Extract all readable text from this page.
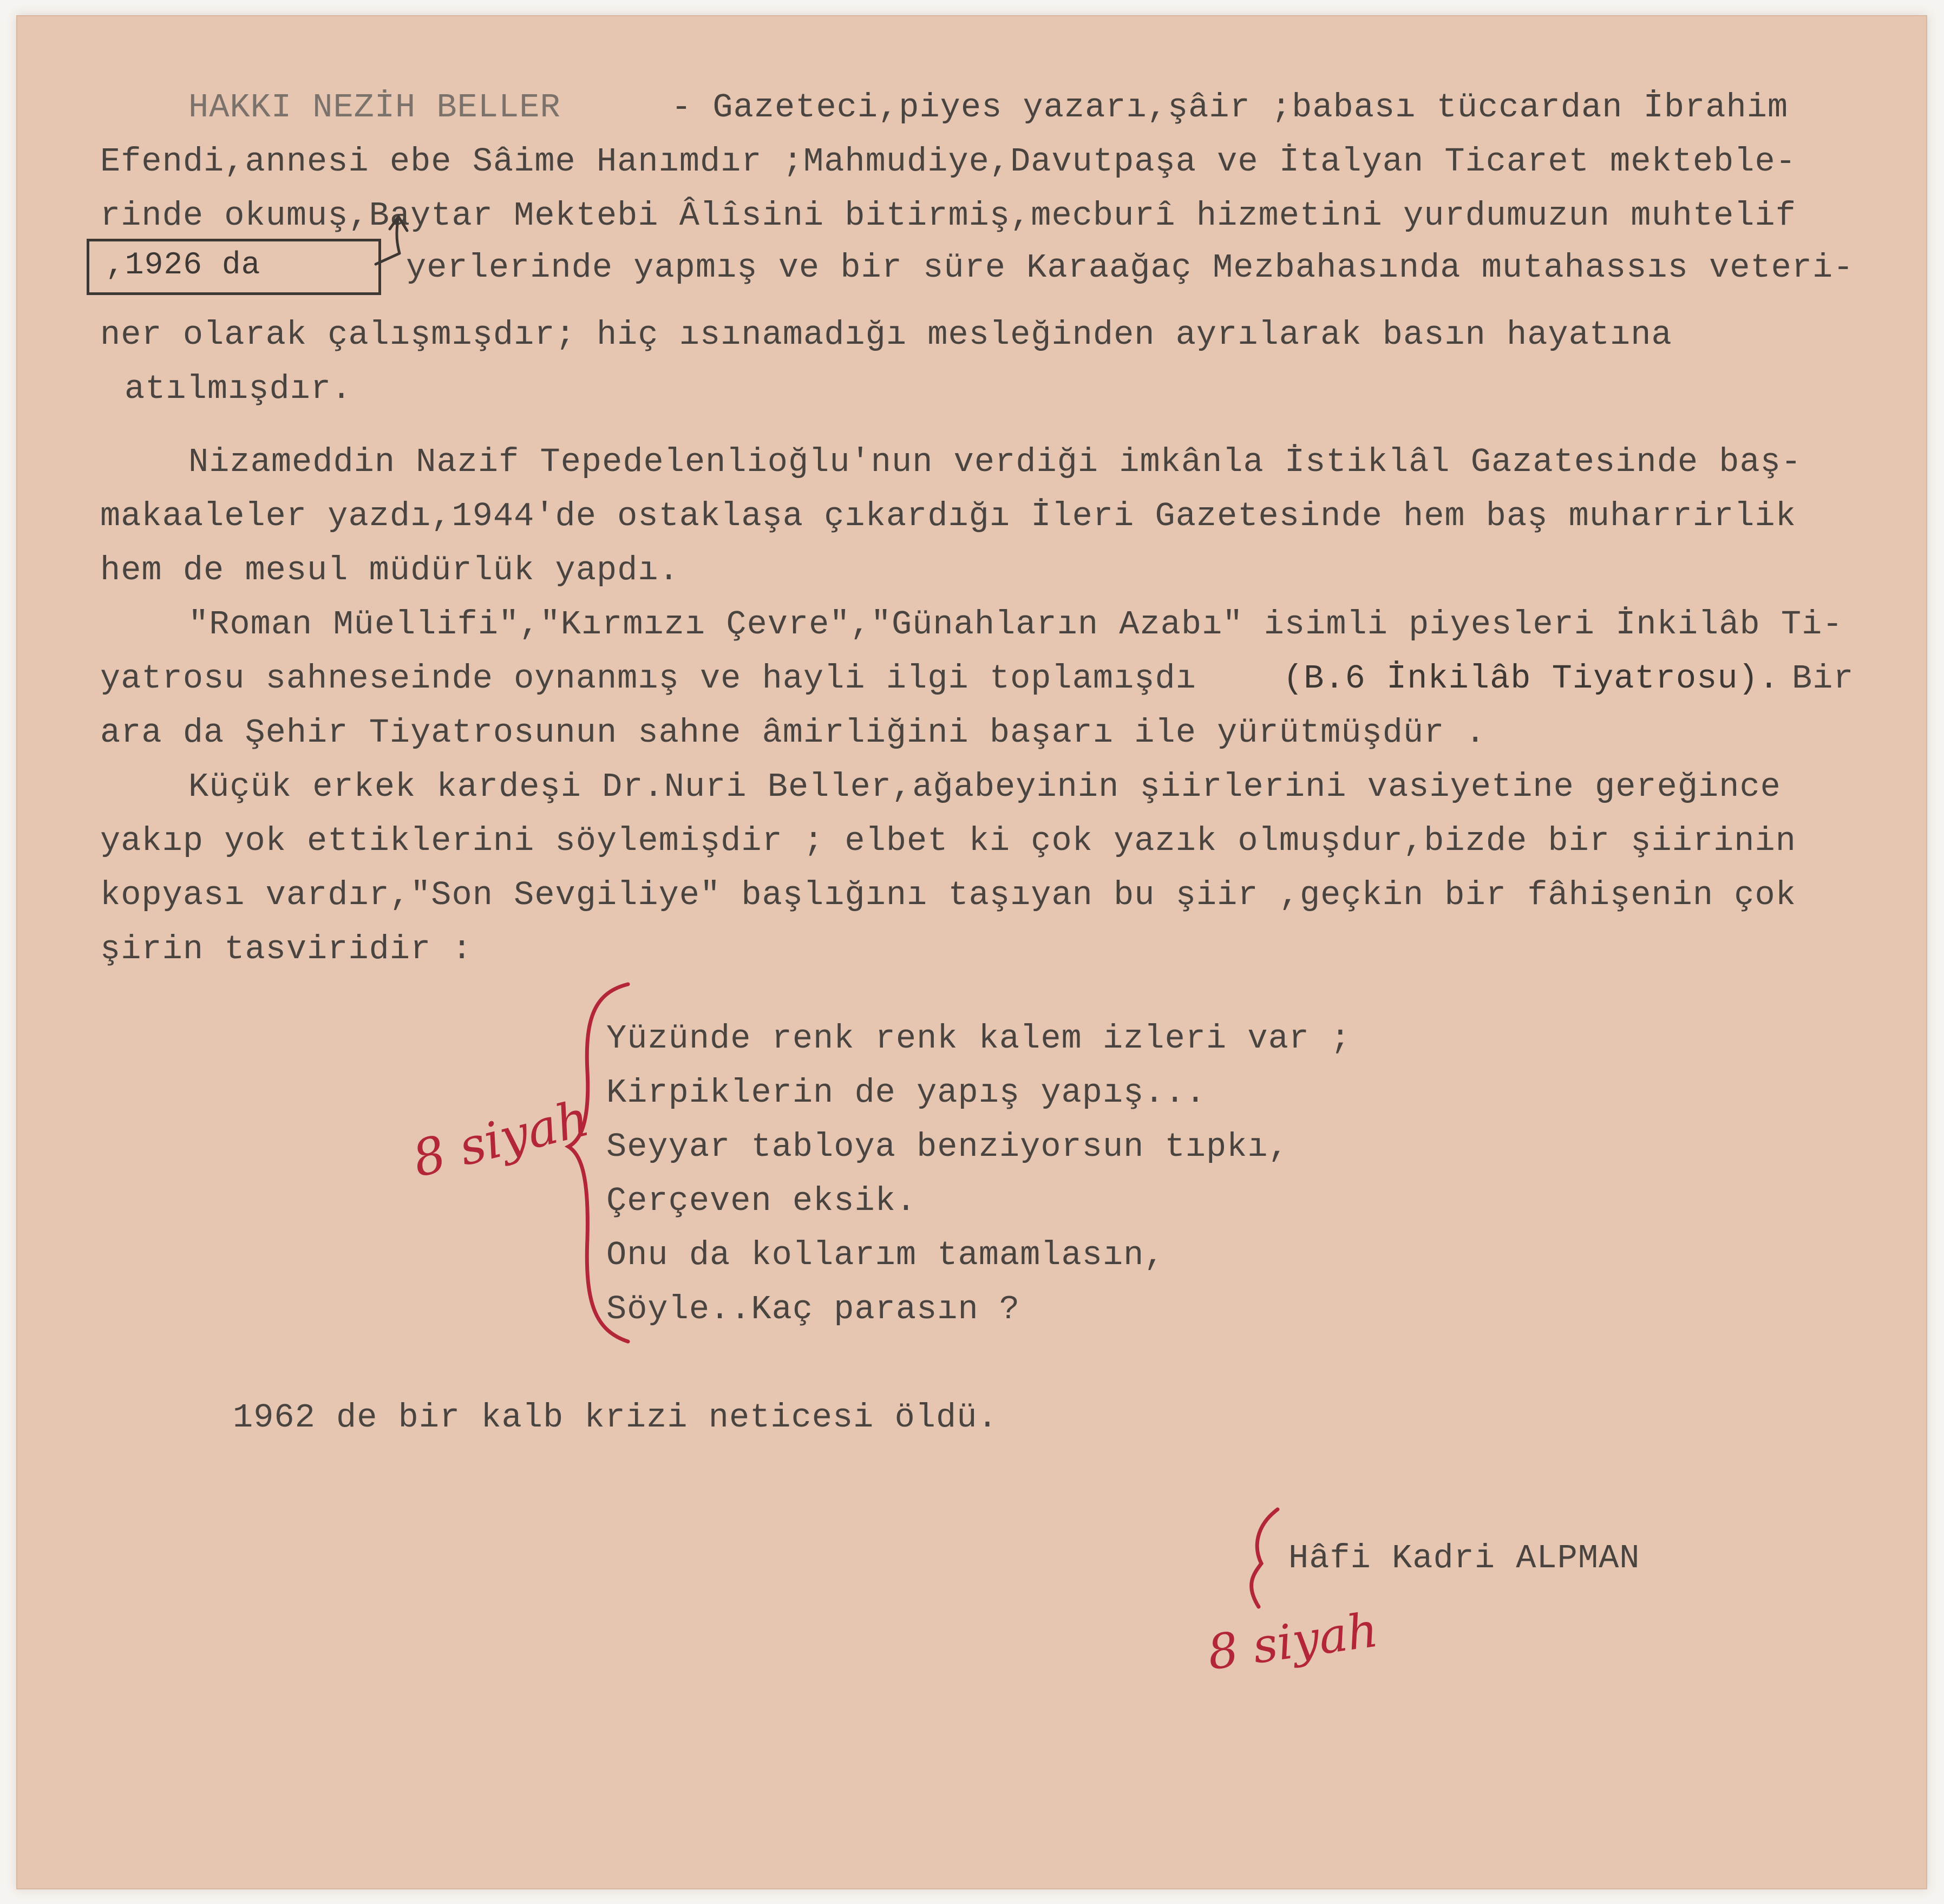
HAKKI NEZİH BELLER	- Gazeteci,piyes yazarı,şâir ;babası tüccardan İbrahim
Efendi,annesi ebe Sâime Hanımdır ;Mahmudiye,Davutpaşa ve İtalyan Ticaret mekteble-
rinde okumuş,Baytar Mektebi Âlîsini bitirmiş,mecburî hizmetini yurdumuzun muhtelif
,1926 da	yerlerinde yapmış ve bir süre Karaağaç Mezbahasında mutahassıs veteri-
ner olarak çalışmışdır; hiç ısınamadığı mesleğinden ayrılarak basın hayatına
atılmışdır.
Nizameddin Nazif Tepedelenlioğlu'nun verdiği imkânla İstiklâl Gazatesinde baş-
makaaleler yazdı,1944'de ostaklaşa çıkardığı İleri Gazetesinde hem baş muharrirlik
hem de mesul müdürlük yapdı.
"Roman Müellifi","Kırmızı Çevre","Günahların Azabı" isimli piyesleri İnkilâb Ti-
yatrosu sahneseinde oynanmış ve hayli ilgi toplamışdı	(B.6 İnkilâb Tiyatrosu). Bir
ara da Şehir Tiyatrosunun sahne âmirliğini başarı ile yürütmüşdür .
Küçük erkek kardeşi Dr.Nuri Beller,ağabeyinin şiirlerini vasiyetine gereğince
yakıp yok ettiklerini söylemişdir ; elbet ki çok yazık olmuşdur,bizde bir şiirinin
kopyası vardır,"Son Sevgiliye" başlığını taşıyan bu şiir ,geçkin bir fâhişenin çok
şirin tasviridir :
Yüzünde renk renk kalem izleri var ;
Kirpiklerin de yapış yapış...
Seyyar tabloya benziyorsun tıpkı,
Çerçeven eksik.
Onu da kollarım tamamlasın,
Söyle..Kaç parasın ?
1962 de bir kalb krizi neticesi öldü.
Hâfi Kadri ALPMAN
8 siyah
8 siyah
